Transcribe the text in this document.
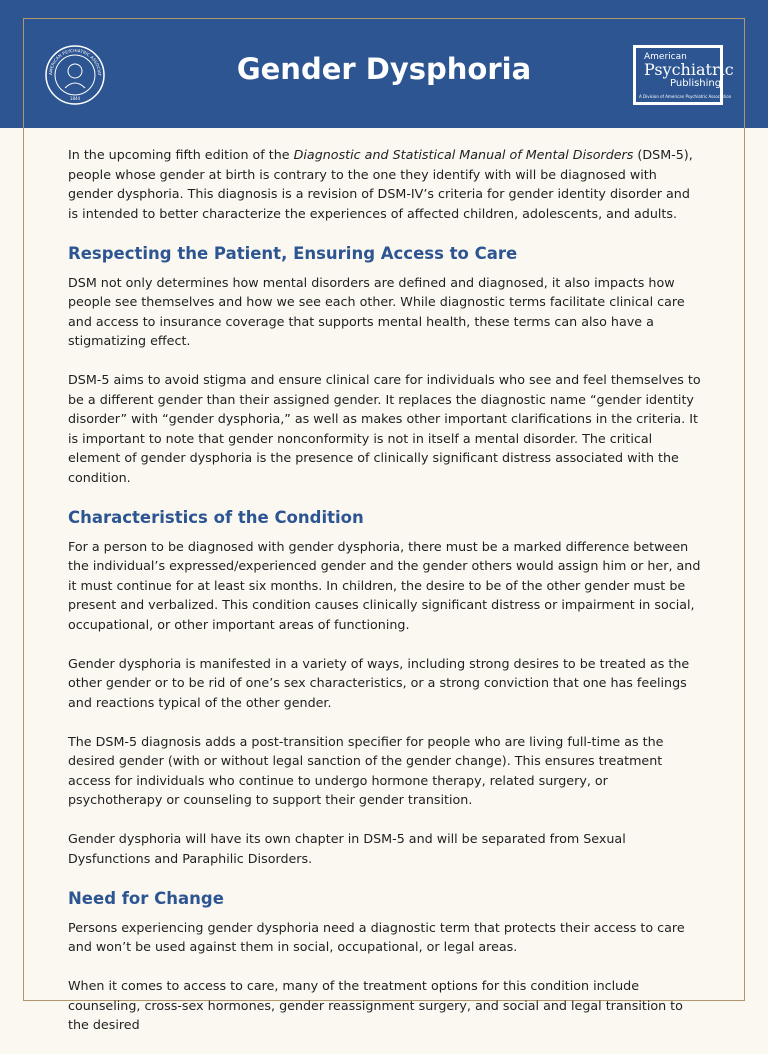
AMERICAN PSYCHIATRIC ASSOCIAT
1844
Gender Dysphoria	American
Psychiatric
Publishing
A Division of American Psychiatric Association

In the upcoming fifth edition of the Diagnostic and Statistical Manual of Mental Disorders (DSM-5), people whose gender at birth is contrary to the one they identify with will be diagnosed with gender dysphoria. This diagnosis is a revision of DSM-IV’s criteria for gender identity disorder and is intended to better characterize the experiences of affected children, adolescents, and adults.

Respecting the Patient, Ensuring Access to Care

DSM not only determines how mental disorders are defined and diagnosed, it also impacts how people see themselves and how we see each other. While diagnostic terms facilitate clinical care and access to insurance coverage that supports mental health, these terms can also have a stigmatizing effect.

DSM-5 aims to avoid stigma and ensure clinical care for individuals who see and feel themselves to be a different gender than their assigned gender. It replaces the diagnostic name “gender identity disorder” with “gender dysphoria,” as well as makes other important clarifications in the criteria. It is important to note that gender nonconformity is not in itself a mental disorder. The critical element of gender dysphoria is the presence of clinically significant distress associated with the condition.

Characteristics of the Condition

For a person to be diagnosed with gender dysphoria, there must be a marked difference between the individual’s expressed/experienced gender and the gender others would assign him or her, and it must continue for at least six months. In children, the desire to be of the other gender must be present and verbalized. This condition causes clinically significant distress or impairment in social, occupational, or other important areas of functioning.

Gender dysphoria is manifested in a variety of ways, including strong desires to be treated as the other gender or to be rid of one’s sex characteristics, or a strong conviction that one has feelings and reactions typical of the other gender.

The DSM-5 diagnosis adds a post-transition specifier for people who are living full-time as the desired gender (with or without legal sanction of the gender change). This ensures treatment access for individuals who continue to undergo hormone therapy, related surgery, or psychotherapy or counseling to support their gender transition.

Gender dysphoria will have its own chapter in DSM-5 and will be separated from Sexual Dysfunctions and Paraphilic Disorders.

Need for Change

Persons experiencing gender dysphoria need a diagnostic term that protects their access to care and won’t be used against them in social, occupational, or legal areas.

When it comes to access to care, many of the treatment options for this condition include counseling, cross-sex hormones, gender reassignment surgery, and social and legal transition to the desired
